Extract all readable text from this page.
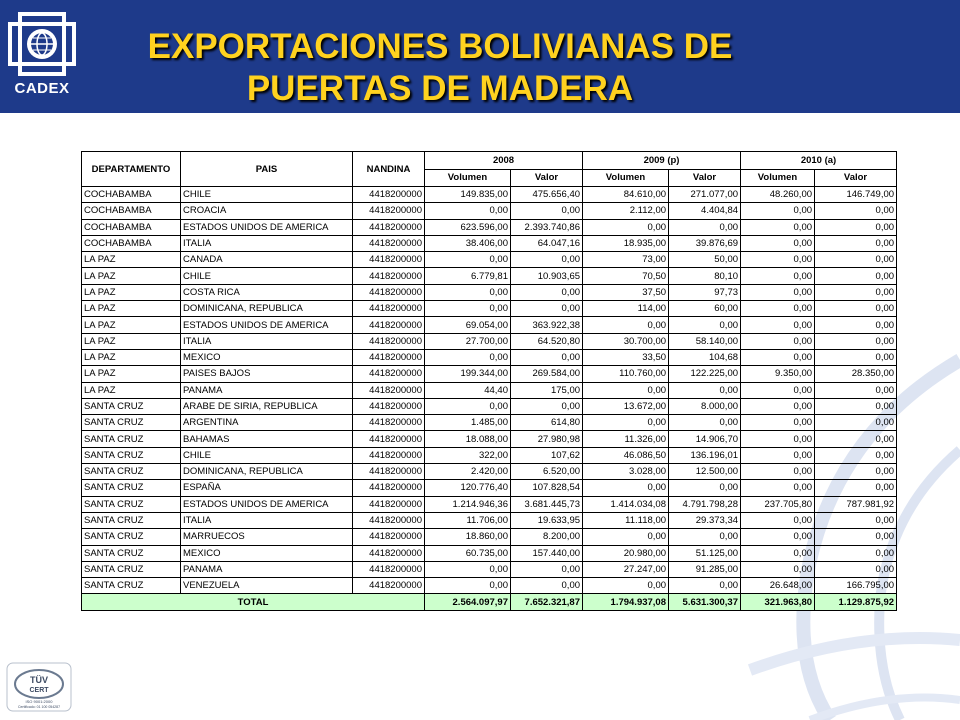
CADEX
EXPORTACIONES BOLIVIANAS DE
PUERTAS DE MADERA
DEPARTAMENTO	PAIS	NANDINA	2008		2009 (p)		2010 (a)	
			Volumen	Valor	Volumen	Valor	Volumen	Valor
COCHABAMBA	CHILE	4418200000	149.835,00	475.656,40	84.610,00	271.077,00	48.260,00	146.749,00
COCHABAMBA	CROACIA	4418200000	0,00	0,00	2.112,00	4.404,84	0,00	0,00
COCHABAMBA	ESTADOS UNIDOS DE AMERICA	4418200000	623.596,00	2.393.740,86	0,00	0,00	0,00	0,00
COCHABAMBA	ITALIA	4418200000	38.406,00	64.047,16	18.935,00	39.876,69	0,00	0,00
LA PAZ	CANADA	4418200000	0,00	0,00	73,00	50,00	0,00	0,00
LA PAZ	CHILE	4418200000	6.779,81	10.903,65	70,50	80,10	0,00	0,00
LA PAZ	COSTA RICA	4418200000	0,00	0,00	37,50	97,73	0,00	0,00
LA PAZ	DOMINICANA, REPUBLICA	4418200000	0,00	0,00	114,00	60,00	0,00	0,00
LA PAZ	ESTADOS UNIDOS DE AMERICA	4418200000	69.054,00	363.922,38	0,00	0,00	0,00	0,00
LA PAZ	ITALIA	4418200000	27.700,00	64.520,80	30.700,00	58.140,00	0,00	0,00
LA PAZ	MEXICO	4418200000	0,00	0,00	33,50	104,68	0,00	0,00
LA PAZ	PAISES BAJOS	4418200000	199.344,00	269.584,00	110.760,00	122.225,00	9.350,00	28.350,00
LA PAZ	PANAMA	4418200000	44,40	175,00	0,00	0,00	0,00	0,00
SANTA CRUZ	ARABE DE SIRIA, REPUBLICA	4418200000	0,00	0,00	13.672,00	8.000,00	0,00	0,00
SANTA CRUZ	ARGENTINA	4418200000	1.485,00	614,80	0,00	0,00	0,00	0,00
SANTA CRUZ	BAHAMAS	4418200000	18.088,00	27.980,98	11.326,00	14.906,70	0,00	0,00
SANTA CRUZ	CHILE	4418200000	322,00	107,62	46.086,50	136.196,01	0,00	0,00
SANTA CRUZ	DOMINICANA, REPUBLICA	4418200000	2.420,00	6.520,00	3.028,00	12.500,00	0,00	0,00
SANTA CRUZ	ESPAÑA	4418200000	120.776,40	107.828,54	0,00	0,00	0,00	0,00
SANTA CRUZ	ESTADOS UNIDOS DE AMERICA	4418200000	1.214.946,36	3.681.445,73	1.414.034,08	4.791.798,28	237.705,80	787.981,92
SANTA CRUZ	ITALIA	4418200000	11.706,00	19.633,95	11.118,00	29.373,34	0,00	0,00
SANTA CRUZ	MARRUECOS	4418200000	18.860,00	8.200,00	0,00	0,00	0,00	0,00
SANTA CRUZ	MEXICO	4418200000	60.735,00	157.440,00	20.980,00	51.125,00	0,00	0,00
SANTA CRUZ	PANAMA	4418200000	0,00	0,00	27.247,00	91.285,00	0,00	0,00
SANTA CRUZ	VENEZUELA	4418200000	0,00	0,00	0,00	0,00	26.648,00	166.795,00
TOTAL			2.564.097,97	7.652.321,87	1.794.937,08	5.631.300,37	321.963,80	1.129.875,92
TÜV
CERT
ISO 9001:2000
Certificado: 01 100 054287
